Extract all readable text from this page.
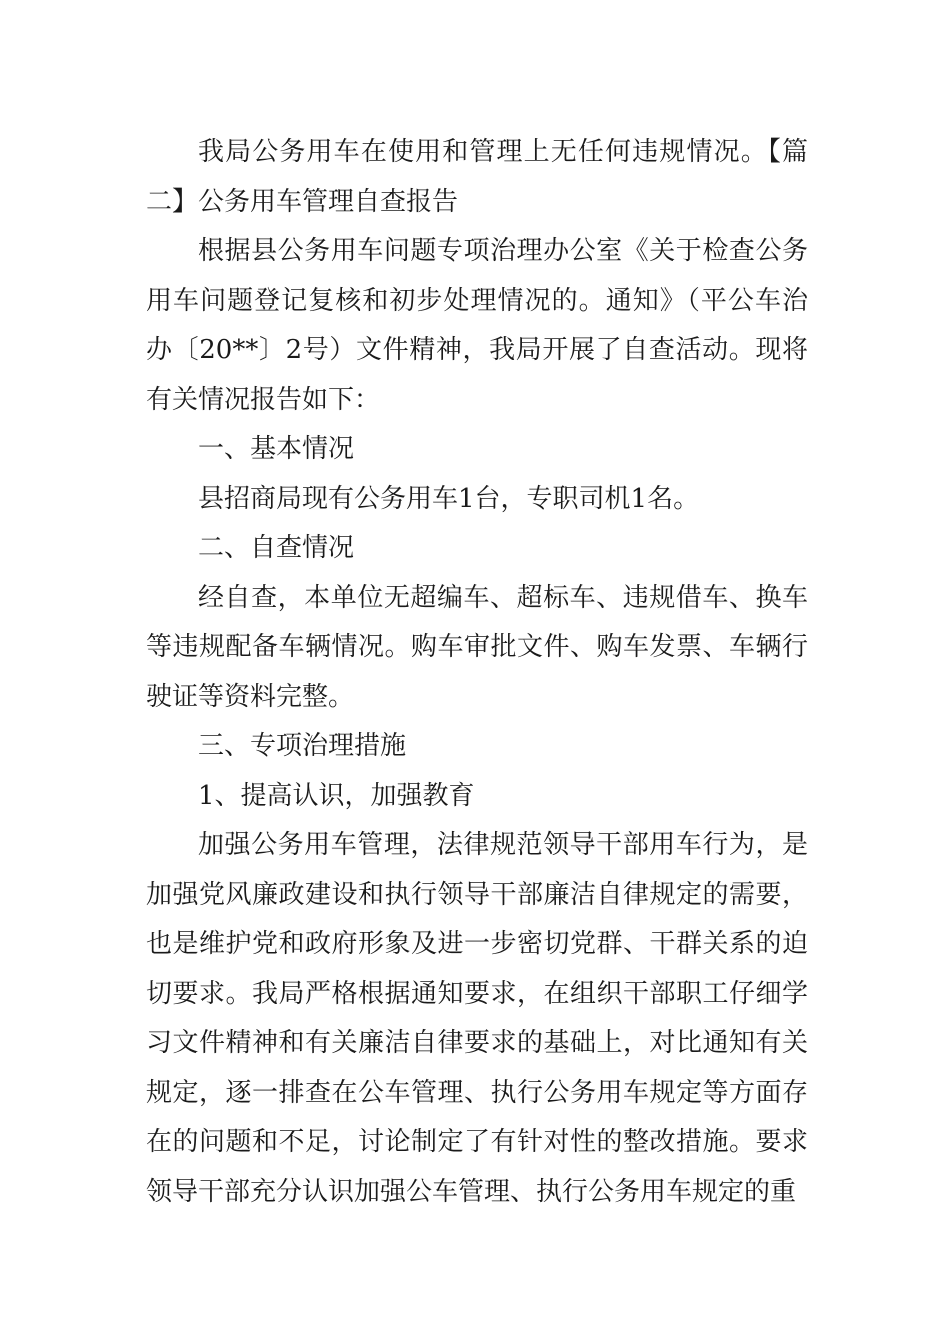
我局公务用车在使用和管理上无任何违规情况。【篇二】公务用车管理自查报告

根据县公务用车问题专项治理办公室《关于检查公务用车问题登记复核和初步处理情况的。通知》（平公车治办〔20**〕2号）文件精神，我局开展了自查活动。现将有关情况报告如下：

一、基本情况

县招商局现有公务用车1台，专职司机1名。

二、自查情况

经自查，本单位无超编车、超标车、违规借车、换车等违规配备车辆情况。购车审批文件、购车发票、车辆行驶证等资料完整。

三、专项治理措施

1、提高认识，加强教育

加强公务用车管理，法律规范领导干部用车行为，是加强党风廉政建设和执行领导干部廉洁自律规定的需要，也是维护党和政府形象及进一步密切党群、干群关系的迫切要求。我局严格根据通知要求，在组织干部职工仔细学习文件精神和有关廉洁自律要求的基础上，对比通知有关规定，逐一排查在公车管理、执行公务用车规定等方面存在的问题和不足，讨论制定了有针对性的整改措施。要求领导干部充分认识加强公车管理、执行公务用车规定的重
